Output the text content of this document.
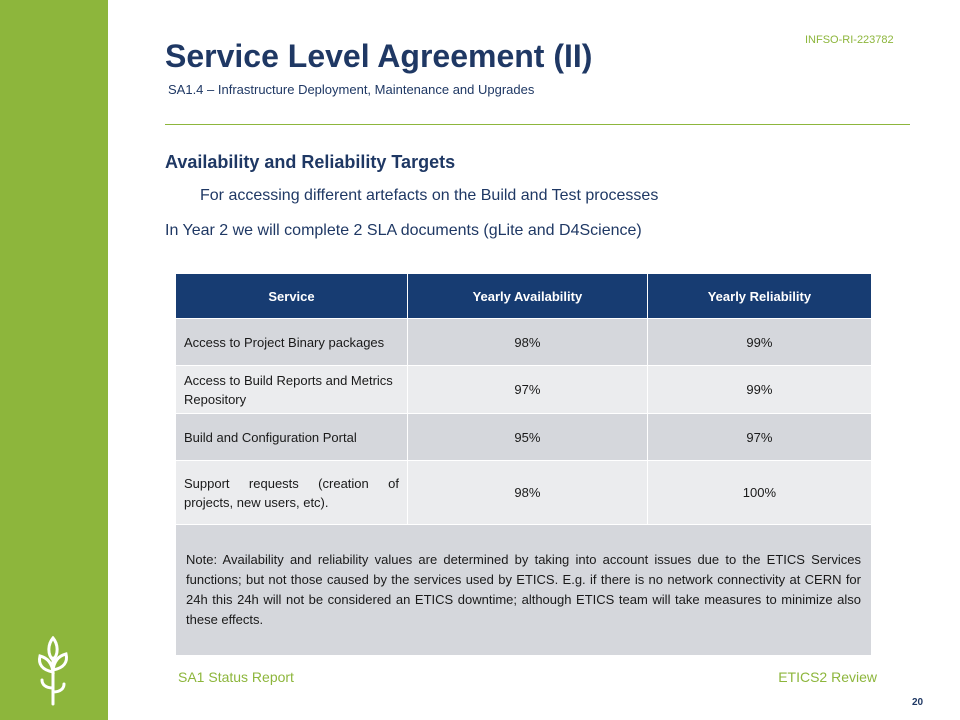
INFSO-RI-223782
Service Level Agreement (II)
SA1.4 – Infrastructure Deployment, Maintenance and Upgrades
Availability and Reliability Targets
For accessing different artefacts on the Build and Test processes
In Year 2 we will complete 2 SLA documents (gLite and D4Science)
Service	Yearly Availability	Yearly Reliability
Access to Project Binary packages	98%	99%
Access to Build Reports and Metrics Repository	97%	99%
Build and Configuration Portal	95%	97%
Support requests (creation of projects, new users, etc).	98%	100%
Note: Availability and reliability values are determined by taking into account issues due to the ETICS Services functions; but not those caused by the services used by ETICS. E.g. if there is no network connectivity at CERN for 24h this 24h will not be considered an ETICS downtime; although ETICS team will take measures to minimize also these effects.		
SA1 Status Report	ETICS2 Review
20
